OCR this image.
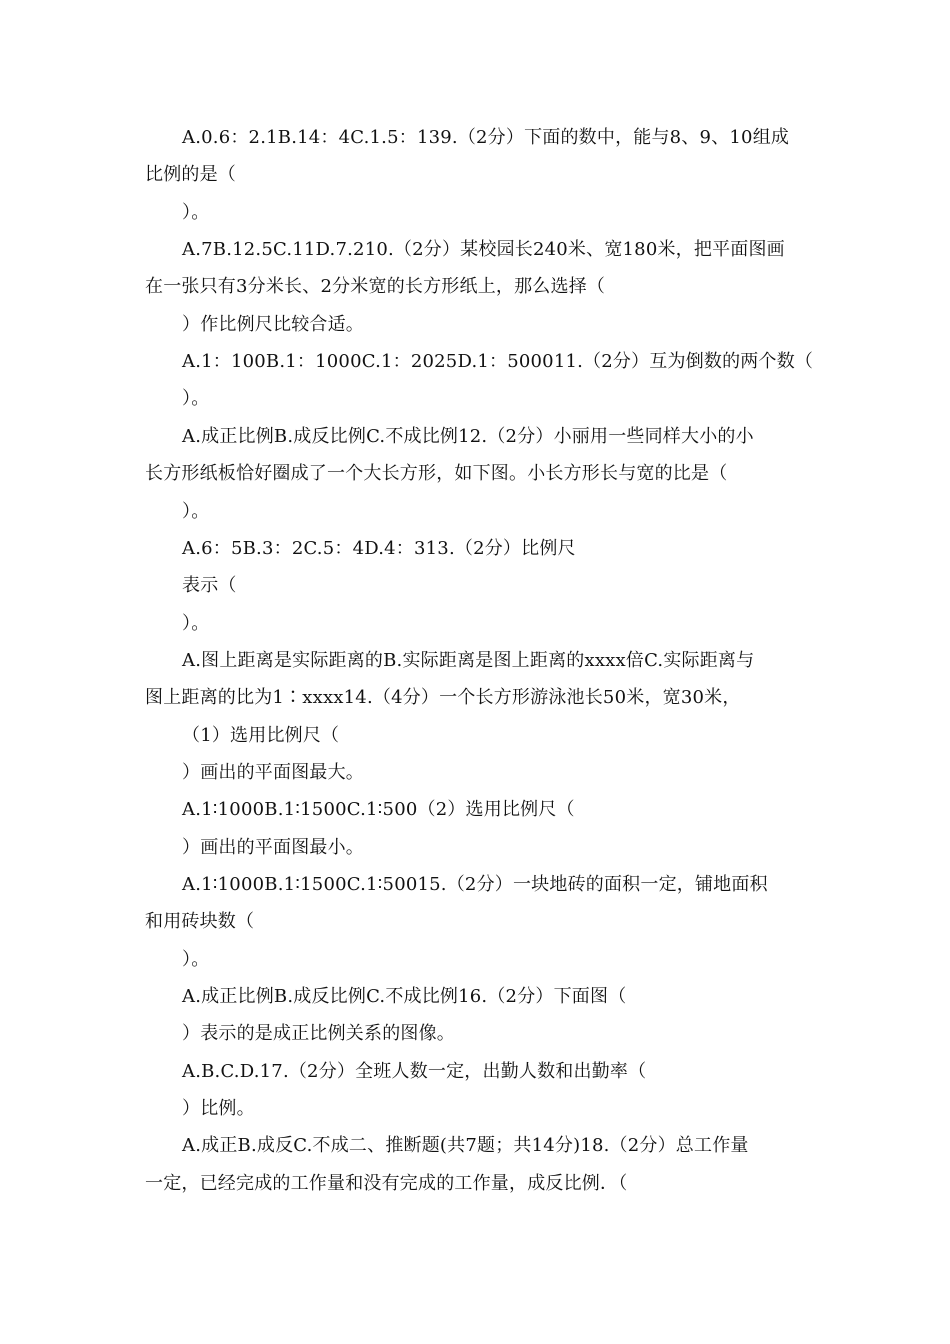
A.0.6：2.1B.14：4C.1.5：139.（2分）下面的数中，能与8、9、10组成
比例的是（
）。
A.7B.12.5C.11D.7.210.（2分）某校园长240米、宽180米，把平面图画
在一张只有3分米长、2分米宽的长方形纸上，那么选择（
）作比例尺比较合适。
A.1：100B.1：1000C.1：2025D.1：500011.（2分）互为倒数的两个数（
）。
A.成正比例B.成反比例C.不成比例12.（2分）小丽用一些同样大小的小
长方形纸板恰好圈成了一个大长方形，如下图。小长方形长与宽的比是（
）。
A.6：5B.3：2C.5：4D.4：313.（2分）比例尺
表示（
）。
A.图上距离是实际距离的B.实际距离是图上距离的xxxx倍C.实际距离与
图上距离的比为1∶xxxx14.（4分）一个长方形游泳池长50米，宽30米，
（1）选用比例尺（
）画出的平面图最大。
A.1∶1000B.1∶1500C.1∶500（2）选用比例尺（
）画出的平面图最小。
A.1∶1000B.1∶1500C.1∶50015.（2分）一块地砖的面积一定，铺地面积
和用砖块数（
）。
A.成正比例B.成反比例C.不成比例16.（2分）下面图（
）表示的是成正比例关系的图像。
A.B.C.D.17.（2分）全班人数一定，出勤人数和出勤率（
）比例。
A.成正B.成反C.不成二、推断题(共7题；共14分)18.（2分）总工作量
一定，已经完成的工作量和没有完成的工作量，成反比例．（
